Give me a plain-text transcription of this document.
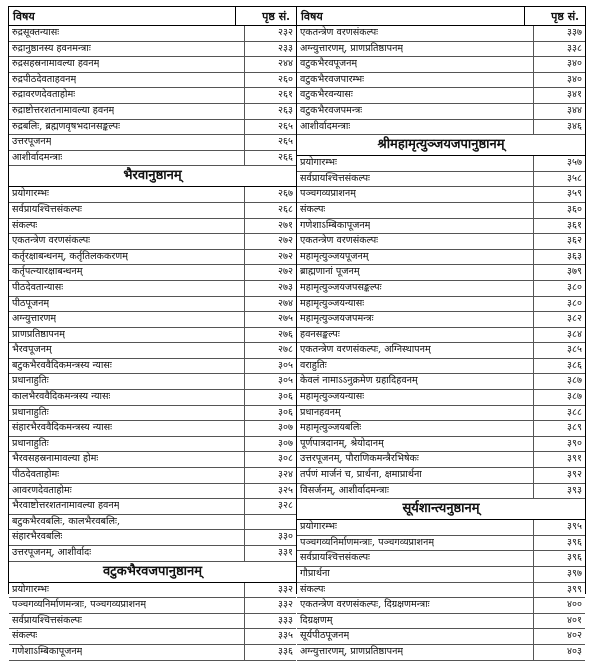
विषय	पृष्ठ सं.
रुद्रसूक्तन्यासः	२३२
रुद्रानुष्ठानस्य हवनमन्त्राः	२३३
रुद्रसहस्रनामावल्या हवनम्	२४४
रुद्रपीठदेवताहवनम्	२६०
रुद्रावरणदेवताहोमः	२६१
रुद्राष्टोत्तरशतनामावल्या हवनम्	२६३
रुद्रबलिः, ब्रह्मणवृषभदानसङ्कल्पः	२६५
उत्तरपूजनम्	२६५
आशीर्वादमन्त्राः	२६६
भैरवानुष्ठानम्
प्रयोगारम्भः	२६७
सर्वप्रायश्चित्तसंकल्पः	२६८
संकल्पः	२७१
एकतन्त्रेण वरणसंकल्पः	२७२
कर्तृरक्षाबन्धनम्, कर्तृतिलककरणम्	२७२
कर्तृपत्न्यारक्षाबन्धनम्	२७२
पीठदेवतान्यासः	२७३
पीठपूजनम्	२७४
अग्न्युत्तारणम्	२७५
प्राणप्रतिष्ठापनम्	२७६
भैरवपूजनम्	२७८
बटुकभैरववैदिकमन्त्रस्य न्यासः	३०५
प्रधानाहुतिः	३०५
कालभैरववैदिकमन्त्रस्य न्यासः	३०६
प्रधानाहुतिः	३०६
संहारभैरववैदिकमन्त्रस्य न्यासः	३०७
प्रधानाहुतिः	३०७
भैरवसहस्रनामावल्या होमः	३०८
पीठदेवताहोमः	३२४
आवरणदेवताहोमः	३२५
भैरवाष्टोत्तरशतनामावल्या हवनम्	३२८
बटुकभैरवबलिः, कालभैरवबलिः,
संहारभैरवबलिः	३३०
उत्तरपूजनम्, आशीर्वादः	३३१
वटुकभैरवजपानुष्ठानम्
प्रयोगारम्भः	३३२
पञ्चगव्यनिर्माणमन्त्राः, पञ्चगव्यप्राशनम्	३३२
सर्वप्रायश्चित्तसंकल्पः	३३३
संकल्पः	३३५
गणेशाऽम्बिकापूजनम्	३३६
विषय	पृष्ठ सं.
एकतन्त्रेण वरणसंकल्पः	३३७
अग्न्युत्तारणम्, प्राणप्रतिष्ठापनम्	३३८
वटुकभैरवपूजनम्	३४०
वटुकभैरवजपारम्भः	३४०
वटुकभैरवन्यासः	३४१
वटुकभैरवजपमन्त्रः	३४४
आशीर्वादमन्त्राः	३४६
श्रीमहामृत्युञ्जयजपानुष्ठानम्
प्रयोगारम्भः	३५७
सर्वप्रायश्चित्तसंकल्पः	३५८
पञ्चगव्यप्राशनम्	३५९
संकल्पः	३६०
गणेशाऽम्बिकापूजनम्	३६१
एकतन्त्रेण वरणसंकल्पः	३६२
महामृत्युञ्जयपूजनम्	३६३
ब्राह्मणानां पूजनम्	३७९
महामृत्युञ्जयजपसङ्कल्पः	३८०
महामृत्युञ्जयन्यासः	३८०
महामृत्युञ्जयजपमन्त्रः	३८२
हवनसङ्कल्पः	३८४
एकतन्त्रेण वरणसंकल्पः, अग्निस्थापनम्	३८५
वराहुतिः	३८६
केवलं नामाऽऽनुक्रमेण ग्रहादिहवनम्	३८७
महामृत्युञ्जयन्यासः	३८७
प्रधानहवनम्	३८८
महामृत्युञ्जयबलिः	३८९
पूर्णपात्रदानम्, श्रेयोदानम्	३९०
उत्तरपूजनम्, पौराणिकमन्त्रैरभिषेकः	३९१
तर्पणं मार्जनं च, प्रार्थना, क्षमाप्रार्थना	३९२
विसर्जनम्, आशीर्वादमन्त्राः	३९३
सूर्यशान्त्यनुष्ठानम्
प्रयोगारम्भः	३९५
पञ्चगव्यनिर्माणमन्त्राः, पञ्चगव्यप्राशनम्	३९६
सर्वप्रायश्चित्तसंकल्पः	३९६
गौप्रार्थना	३९७
संकल्पः	३९९
एकतन्त्रेण वरणसंकल्पः, दिग्रक्षणमन्त्राः	४००
दिग्रक्षणम्	४०१
सूर्यपीठपूजनम्	४०२
अग्न्युत्तारणम्, प्राणप्रतिष्ठापनम्	४०३
